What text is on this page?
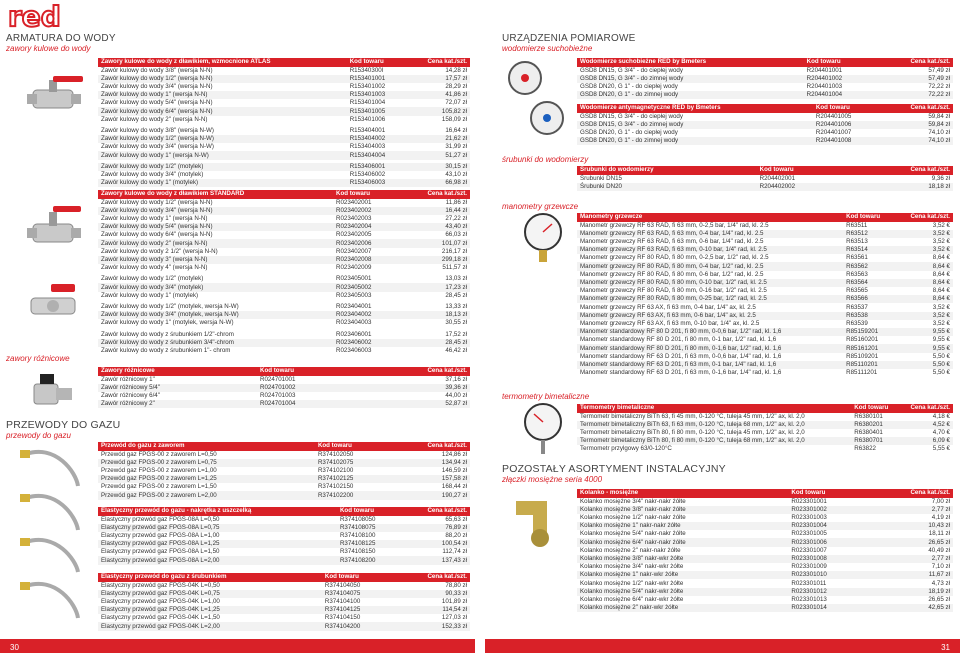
red
ARMATURA DO WODY
zawory kulowe do wody
zawory różnicowe
PRZEWODY DO GAZU
przewody do gazu
Zawory kulowe do wody z dławikiem, wzmocnione ATLAS	Kod towaru	Cena kat./szt.
Zawór kulowy do wody 3/8" (wersja N-N)	R15340300l	14,28 zł
Zawór kulowy do wody 1/2" (wersja N-N)	R153401001	17,57 zł
Zawór kulowy do wody 3/4" (wersja N-N)	R153401002	28,29 zł
Zawór kulowy do wody 1" (wersja N-N)	R153401003	41,86 zł
Zawór kulowy do wody 5/4" (wersja N-N)	R153401004	72,07 zł
Zawór kulowy do wody 6/4" (wersja N-N)	R153401005	105,82 zł
Zawór kulowy do wody 2" (wersja N-N)	R153401006	158,09 zł

Zawór kulowy do wody 3/8" (wersja N-W)	R153404001	16,64 zł
Zawór kulowy do wody 1/2" (wersja N-W)	R153404002	21,62 zł
Zawór kulowy do wody 3/4" (wersja N-W)	R153404003	31,99 zł
Zawór kulowy do wody 1" (wersja N-W)	R153404004	51,27 zł

Zawór kulowy do wody 1/2" (motylek)	R153406001	30,15 zł
Zawór kulowy do wody 3/4" (motylek)	R153406002	43,10 zł
Zawór kulowy do wody 1" (motylek)	R153406003	66,98 zł
Zawory kulowe do wody z dławikiem STANDARD	Kod towaru	Cena kat./szt.
Zawór kulowy do wody 1/2" (wersja N-N)	R023402001	11,86 zł
Zawór kulowy do wody 3/4" (wersja N-N)	R023402002	16,44 zł
Zawór kulowy do wody 1" (wersja N-N)	R023402003	27,22 zł
Zawór kulowy do wody 5/4" (wersja N-N)	R023402004	43,40 zł
Zawór kulowy do wody 6/4" (wersja N-N)	R023402005	66,03 zł
Zawór kulowy do wody 2" (wersja N-N)	R023402006	101,07 zł
Zawór kulowy do wody 2 1/2" (wersja N-N)	R023402007	216,17 zł
Zawór kulowy do wody 3" (wersja N-N)	R023402008	299,18 zł
Zawór kulowy do wody 4" (wersja N-N)	R023402009	511,57 zł

Zawór kulowy do wody 1/2" (motylek)	R023405001	13,03 zł
Zawór kulowy do wody 3/4" (motylek)	R023405002	17,23 zł
Zawór kulowy do wody 1" (motylek)	R023405003	28,45 zł

Zawór kulowy do wody 1/2" (motylek, wersja N-W)	R023404001	13,33 zł
Zawór kulowy do wody 3/4" (motylek, wersja N-W)	R023404002	18,13 zł
Zawór kulowy do wody 1" (motylek, wersja N-W)	R023404003	30,55 zł

Zawór kulowy do wody z śrubunkiem 1/2"-chrom	R023406001	17,52 zł
Zawór kulowy do wody z śrubunkiem 3/4"-chrom	R023406002	28,45 zł
Zawór kulowy do wody z śrubunkiem 1"- chrom	R023406003	46,42 zł
Zawory różnicowe	Kod towaru	Cena kat./szt.
Zawór różnicowy 1"	R024701001	37,16 zł
Zawór różnicowy 5/4"	R024701002	39,36 zł
Zawór różnicowy 6/4"	R024701003	44,00 zł
Zawór różnicowy 2"	R024701004	52,87 zł
Przewód do gazu z zaworem	Kod towaru	Cena kat./szt.
Przewód gaz FPGS-00 z zaworem L=0,50	R374102050	124,86 zł
Przewód gaz FPGS-00 z zaworem L=0,75	R374102075	134,94 zł
Przewód gaz FPGS-00 z zaworem L=1,00	R374102100	146,59 zł
Przewód gaz FPGS-00 z zaworem L=1,25	R374102125	157,58 zł
Przewód gaz FPGS-00 z zaworem L=1,50	R374102150	168,44 zł
Przewód gaz FPGS-00 z zaworem L=2,00	R374102200	190,27 zł
Elastyczny przewód do gazu - nakrętka z uszczelką	Kod towaru	Cena kat./szt.
Elastyczny przewód gaz FPGS-08A L=0,50	R374108050	65,63 zł
Elastyczny przewód gaz FPGS-08A L=0,75	R374108075	76,89 zł
Elastyczny przewód gaz FPGS-08A L=1,00	R374108100	88,20 zł
Elastyczny przewód gaz FPGS-08A L=1,25	R374108125	100,54 zł
Elastyczny przewód gaz FPGS-08A L=1,50	R374108150	112,74 zł
Elastyczny przewód gaz FPGS-08A L=2,00	R374108200	137,43 zł
Elastyczny przewód do gazu z śrubunkiem	Kod towaru	Cena kat./szt.
Elastyczny przewód gaz FPGS-04K L=0,50	R374104050	78,80 zł
Elastyczny przewód gaz FPGS-04K L=0,75	R374104075	90,33 zł
Elastyczny przewód gaz FPGS-04K L=1,00	R374104100	101,89 zł
Elastyczny przewód gaz FPGS-04K L=1,25	R374104125	114,54 zł
Elastyczny przewód gaz FPGS-04K L=1,50	R374104150	127,03 zł
Elastyczny przewód gaz FPGS-04K L=2,00	R374104200	152,33 zł
URZĄDZENIA POMIAROWE
wodomierze suchobieżne
śrubunki do wodomierzy
manometry grzewcze
termometry bimetaliczne
POZOSTAŁY ASORTYMENT INSTALACYJNY
złączki mosiężne seria 4000
Wodomierze suchobieżne RED by Bmeters	Kod towaru	Cena kat./szt.
GSD8 DN15, G 3/4" - do ciepłej wody	R204401001	57,49 zł
GSD8 DN15, G 3/4" - do zimnej wody	R204401002	57,49 zł
GSD8 DN20, G 1" - do ciepłej wody	R204401003	72,22 zł
GSD8 DN20, G 1" - do zimnej wody	R204401004	72,22 zł
Wodomierze antymagnetyczne RED by Bmeters	Kod towaru	Cena kat./szt.
GSD8 DN15, G 3/4" - do ciepłej wody	R204401005	59,84 zł
GSD8 DN15, G 3/4" - do zimnej wody	R204401006	59,84 zł
GSD8 DN20, G 1" - do ciepłej wody	R204401007	74,10 zł
GSD8 DN20, G 1" - do zimnej wody	R204401008	74,10 zł
Śrubunki do wodomierzy	Kod towaru	Cena kat./szt.
Śrubunki DN15	R204402001	9,36 zł
Śrubunki DN20	R204402002	18,18 zł
Manometry grzewcze	Kod towaru	Cena kat./szt.
Manometr grzewczy RF 63 RAD, fi 63 mm, 0-2,5 bar, 1/4" rad, kl. 2.5	R63511	3,52 €
Manometr grzewczy RF 63 RAD, fi 63 mm, 0-4 bar, 1/4" rad, kl. 2.5	R63512	3,52 €
Manometr grzewczy RF 63 RAD, fi 63 mm, 0-6 bar, 1/4" rad, kl. 2.5	R63513	3,52 €
Manometr grzewczy RF 63 RAD, fi 63 mm, 0-10 bar, 1/4" rad, kl. 2.5	R63514	3,52 €
Manometr grzewczy RF 80 RAD, fi 80 mm, 0-2,5 bar, 1/2" rad, kl. 2.5	R63561	8,64 €
Manometr grzewczy RF 80 RAD, fi 80 mm, 0-4 bar, 1/2" rad, kl. 2.5	R63562	8,64 €
Manometr grzewczy RF 80 RAD, fi 80 mm, 0-6 bar, 1/2" rad, kl. 2.5	R63563	8,64 €
Manometr grzewczy RF 80 RAD, fi 80 mm, 0-10 bar, 1/2" rad, kl. 2.5	R63564	8,64 €
Manometr grzewczy RF 80 RAD, fi 80 mm, 0-16 bar, 1/2" rad, kl. 2.5	R63565	8,64 €
Manometr grzewczy RF 80 RAD, fi 80 mm, 0-25 bar, 1/2" rad, kl. 2.5	R63566	8,64 €
Manometr grzewczy RF 63 AX, fi 63 mm, 0-4 bar, 1/4" ax, kl. 2.5	R63537	3,52 €
Manometr grzewczy RF 63 AX, fi 63 mm, 0-6 bar, 1/4" ax, kl. 2.5	R63538	3,52 €
Manometr grzewczy RF 63 AX, fi 63 mm, 0-10 bar, 1/4" ax, kl. 2.5	R63539	3,52 €
Manometr standardowy RF 80 D 201, fi 80 mm, 0-0,6 bar, 1/2" rad, kl. 1,6	R85159201	9,55 €
Manometr standardowy RF 80 D 201, fi 80 mm, 0-1 bar, 1/2" rad, kl. 1,6	R85160201	9,55 €
Manometr standardowy RF 80 D 201, fi 80 mm, 0-1,6 bar, 1/2" rad, kl. 1,6	R85161201	9,55 €
Manometr standardowy RF 63 D 201, fi 63 mm, 0-0,6 bar, 1/4" rad, kl. 1,6	R85109201	5,50 €
Manometr standardowy RF 63 D 201, fi 63 mm, 0-1 bar, 1/4" rad, kl. 1,6	R85110201	5,50 €
Manometr standardowy RF 63 D 201, fi 63 mm, 0-1,6 bar, 1/4" rad, kl. 1,6	R85111201	5,50 €
Termometry bimetaliczne	Kod towaru	Cena kat./szt.
Termometr bimetaliczny BiTh 63, fi 45 mm, 0-120 °C, tuleja 45 mm, 1/2" ax, kl. 2,0	R6380101	4,18 €
Termometr bimetaliczny BiTh 63, fi 63 mm, 0-120 °C, tuleja 68 mm, 1/2" ax, kl. 2,0	R6380201	4,52 €
Termometr bimetaliczny BiTh 80, fi 80 mm, 0-120 °C, tuleja 45 mm, 1/2" ax, kl. 2,0	R6380401	4,70 €
Termometr bimetaliczny BiTh 80, fi 80 mm, 0-120 °C, tuleja 68 mm, 1/2" ax, kl. 2,0	R6380701	6,09 €
Termometr przylgowy 63/0-120°C	R63822	5,55 €
Kolanko - mosiężne	Kod towaru	Cena kat./szt.
Kolanko mosiężne 3/4" nakr-nakr żółte	R023301001	7,00 zł
Kolanko mosiężne 3/8" nakr-nakr żółte	R023301002	2,77 zł
Kolanko mosiężne 1/2" nakr-nakr żółte	R023301003	4,19 zł
Kolanko mosiężne 1" nakr-nakr żółte	R023301004	10,43 zł
Kolanko mosiężne 5/4" nakr-nakr żółte	R023301005	18,11 zł
Kolanko mosiężne 6/4" nakr-nakr żółte	R023301006	26,65 zł
Kolanko mosiężne 2" nakr-nakr żółte	R023301007	40,49 zł
Kolanko mosiężne 3/8" nakr-wkr żółte	R023301008	2,77 zł
Kolanko mosiężne 3/4" nakr-wkr żółte	R023301009	7,10 zł
Kolanko mosiężne 1" nakr-wkr żółte	R023301010	11,67 zł
Kolanko mosiężne 1/2" nakr-wkr żółte	R023301011	4,73 zł
Kolanko mosiężne 5/4" nakr-wkr żółte	R023301012	18,19 zł
Kolanko mosiężne 6/4" nakr-wkr żółte	R023301013	26,65 zł
Kolanko mosiężne 2" nakr-wkr żółte	R023301014	42,65 zł
30	31
